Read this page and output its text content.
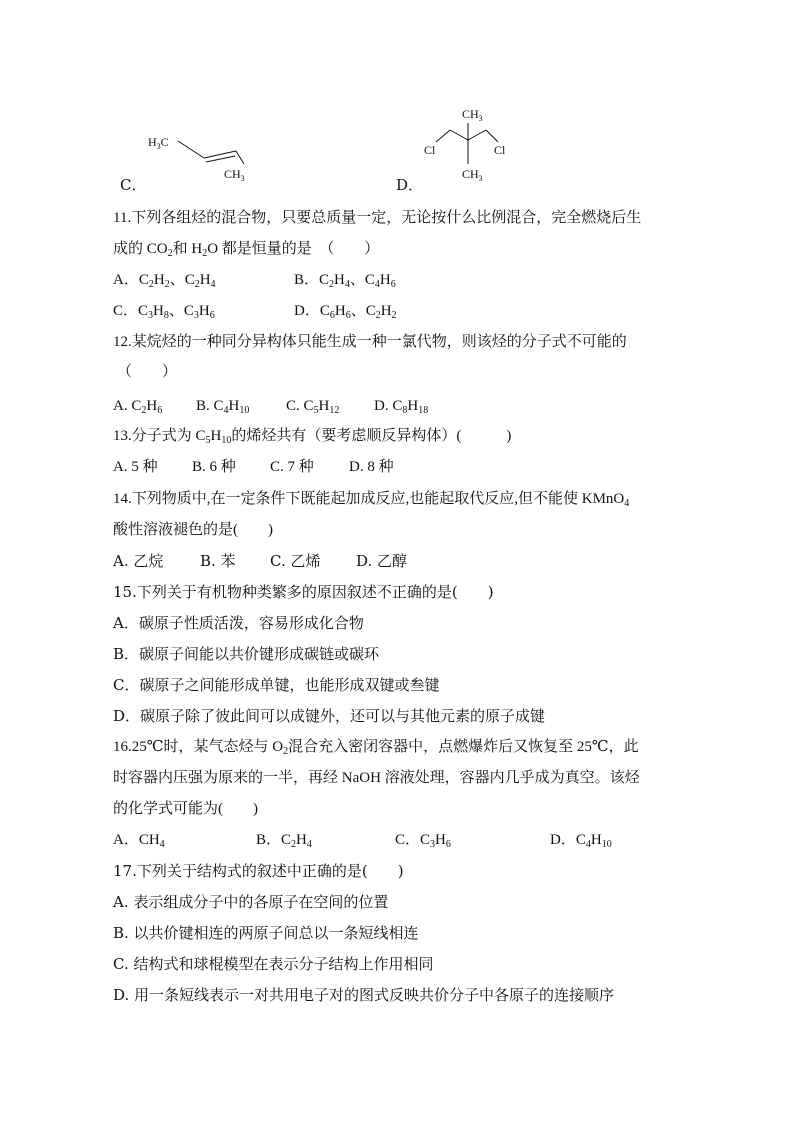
$H_3C$
$CH_3$
C．
$CH_3$
Cl	Cl
$CH_3$
D．
11.下列各组烃的混合物，只要总质量一定，无论按什么比例混合，完全燃烧后生
成的 $CO_2$和 $H_2O$ 都是恒量的是　（　　）
A．$C_2H_2$、$C_2H_4$	B．$C_2H_4$、$C_4H_6$
C．$C_3H_8$、$C_3H_6$	D．$C_6H_6$、$C_2H_2$
12.某烷烃的一种同分异构体只能生成一种一氯代物，则该烃的分子式不可能的
（　　）
A. $C_2H_6$ B. $C_4H_{10}$ C. $C_5H_{12}$ D. $C_8H_{18}$
13.分子式为 $C_5H_{10}$的烯烃共有（要考虑顺反异构体）(　　　)
A. 5 种 B. 6 种 C. 7 种 D. 8 种
14.下列物质中,在一定条件下既能起加成反应,也能起取代反应,但不能使 KMnO$_4$
酸性溶液褪色的是(　　)
A. 乙烷 B. 苯 C. 乙烯 D. 乙醇
15.下列关于有机物种类繁多的原因叙述不正确的是(　　)
A．碳原子性质活泼，容易形成化合物
B．碳原子间能以共价键形成碳链或碳环
C．碳原子之间能形成单键，也能形成双键或叁键
D．碳原子除了彼此间可以成键外，还可以与其他元素的原子成键
16.25℃时，某气态烃与 $O_2$混合充入密闭容器中，点燃爆炸后又恢复至 25℃，此
时容器内压强为原来的一半，再经 NaOH 溶液处理，容器内几乎成为真空。该烃
的化学式可能为(　　)
A．$CH_4$	B．$C_2H_4$	C．$C_3H_6$	D．$C_4H_{10}$
17.下列关于结构式的叙述中正确的是(　　)
A. 表示组成分子中的各原子在空间的位置
B. 以共价键相连的两原子间总以一条短线相连
C. 结构式和球棍模型在表示分子结构上作用相同
D. 用一条短线表示一对共用电子对的图式反映共价分子中各原子的连接顺序
